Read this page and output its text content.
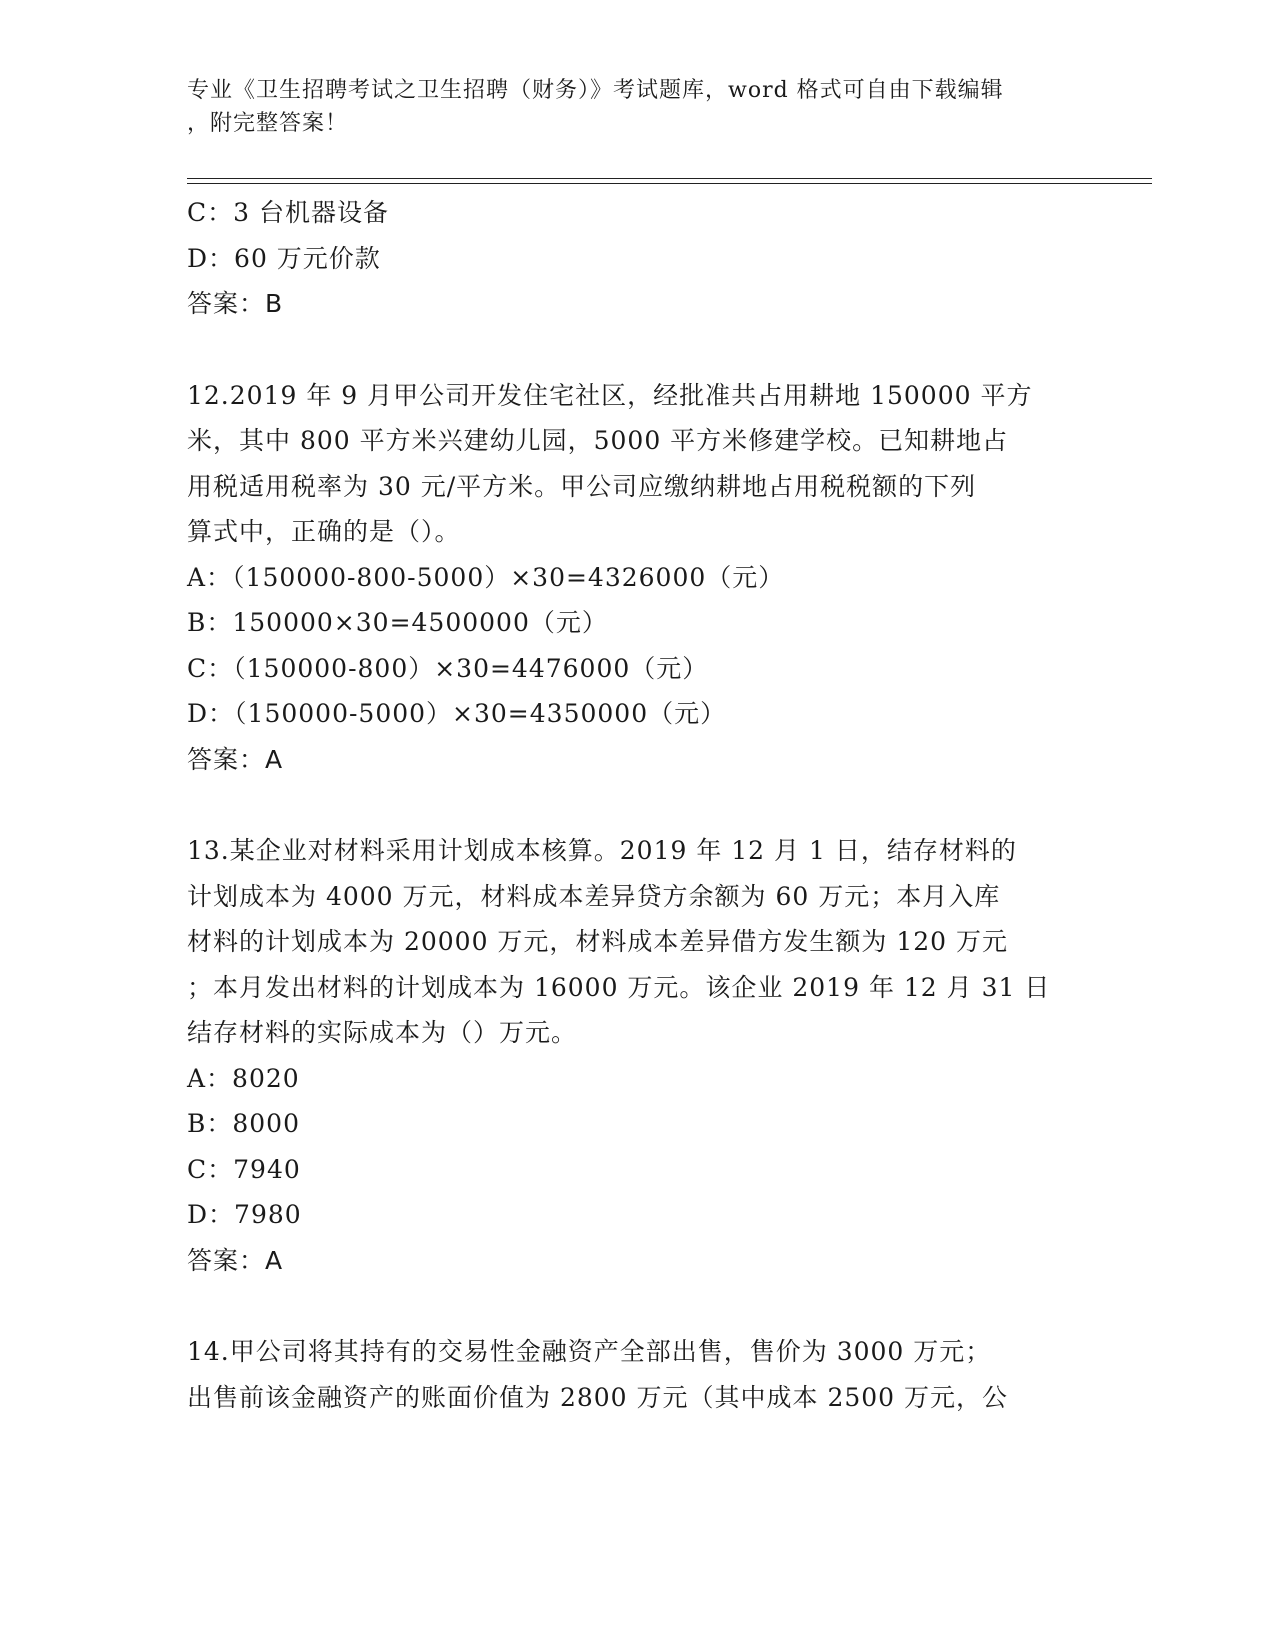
专业《卫生招聘考试之卫生招聘（财务）》考试题库，word 格式可自由下载编辑
，附完整答案！
C：3 台机器设备
D：60 万元价款
答案：B
12.2019 年 9 月甲公司开发住宅社区，经批准共占用耕地 150000 平方
米，其中 800 平方米兴建幼儿园，5000 平方米修建学校。已知耕地占
用税适用税率为 30 元/平方米。甲公司应缴纳耕地占用税税额的下列
算式中，正确的是（）。
A：（150000-800-5000）×30=4326000（元）
B：150000×30=4500000（元）
C：（150000-800）×30=4476000（元）
D：（150000-5000）×30=4350000（元）
答案：A
13.某企业对材料采用计划成本核算。2019 年 12 月 1 日，结存材料的
计划成本为 4000 万元，材料成本差异贷方余额为 60 万元；本月入库
材料的计划成本为 20000 万元，材料成本差异借方发生额为 120 万元
；本月发出材料的计划成本为 16000 万元。该企业 2019 年 12 月 31 日
结存材料的实际成本为（）万元。
A：8020
B：8000
C：7940
D：7980
答案：A
14.甲公司将其持有的交易性金融资产全部出售，售价为 3000 万元；
出售前该金融资产的账面价值为 2800 万元（其中成本 2500 万元，公
